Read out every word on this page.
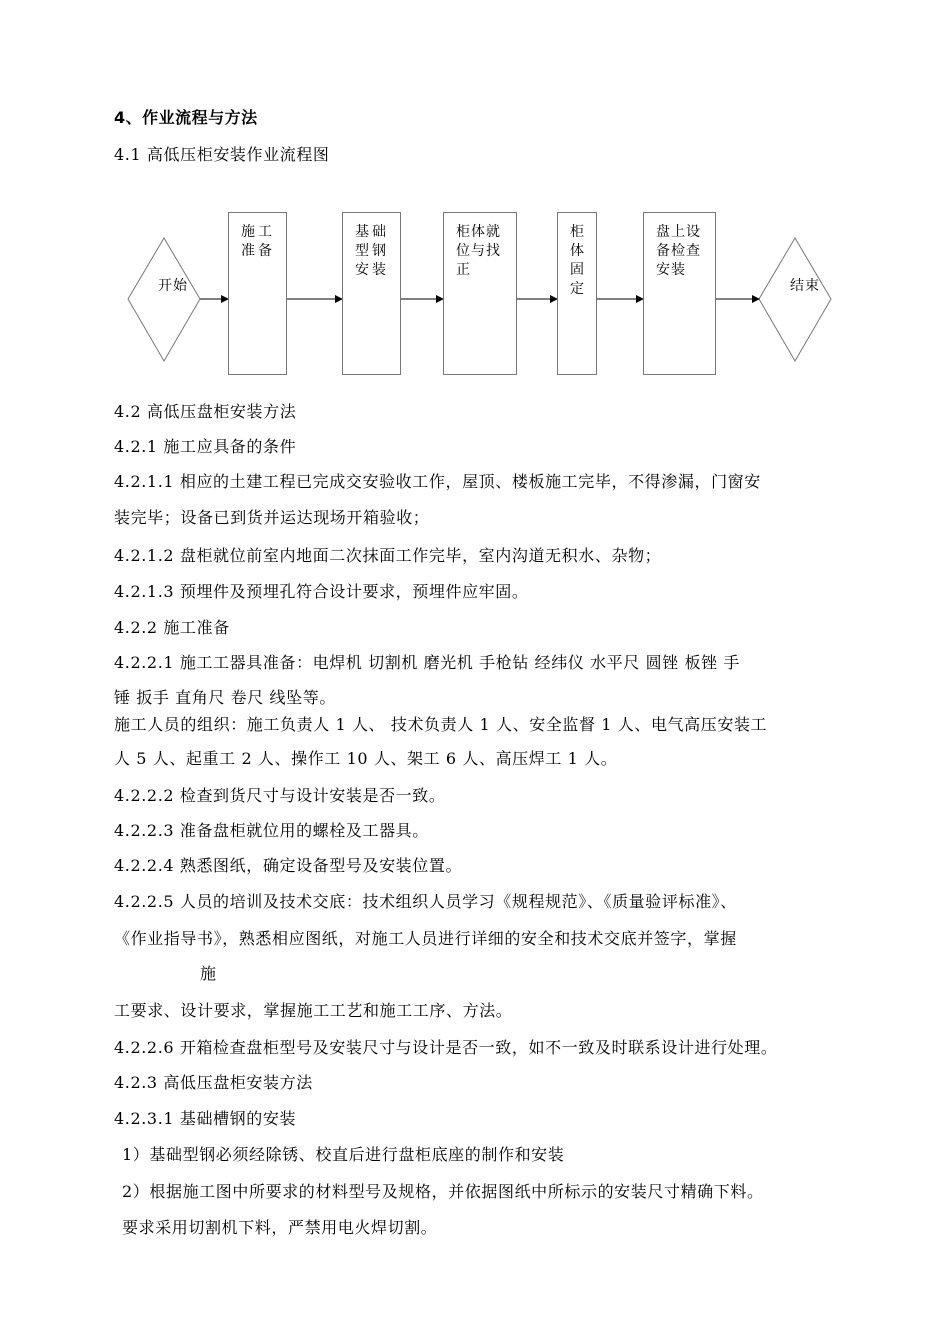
4、作业流程与方法
4.1 高低压柜安装作业流程图
开始	结束
施工
准备
基础
型钢
安装
柜体就
位与找
正
柜
体
固
定
盘上设
备检查
安装
4.2 高低压盘柜安装方法
4.2.1 施工应具备的条件
4.2.1.1 相应的土建工程已完成交安验收工作，屋顶、楼板施工完毕，不得渗漏，门窗安
装完毕；设备已到货并运达现场开箱验收；
4.2.1.2 盘柜就位前室内地面二次抹面工作完毕，室内沟道无积水、杂物；
4.2.1.3 预埋件及预埋孔符合设计要求，预埋件应牢固。
4.2.2 施工准备
4.2.2.1 施工工器具准备：电焊机 切割机 磨光机 手枪钻 经纬仪 水平尺 圆锉 板锉 手
锤 扳手 直角尺 卷尺 线坠等。
施工人员的组织：施工负责人 1 人、 技术负责人 1 人、安全监督 1 人、电气高压安装工
人 5 人、起重工 2 人、操作工 10 人、架工 6 人、高压焊工 1 人。
4.2.2.2 检查到货尺寸与设计安装是否一致。
4.2.2.3 准备盘柜就位用的螺栓及工器具。
4.2.2.4 熟悉图纸，确定设备型号及安装位置。
4.2.2.5 人员的培训及技术交底：技术组织人员学习《规程规范》、《质量验评标准》、
《作业指导书》，熟悉相应图纸，对施工人员进行详细的安全和技术交底并签字，掌握
施
工要求、设计要求，掌握施工工艺和施工工序、方法。
4.2.2.6 开箱检查盘柜型号及安装尺寸与设计是否一致，如不一致及时联系设计进行处理。
4.2.3 高低压盘柜安装方法
4.2.3.1 基础槽钢的安装
1）基础型钢必须经除锈、校直后进行盘柜底座的制作和安装
2）根据施工图中所要求的材料型号及规格，并依据图纸中所标示的安装尺寸精确下料。
要求采用切割机下料，严禁用电火焊切割。
